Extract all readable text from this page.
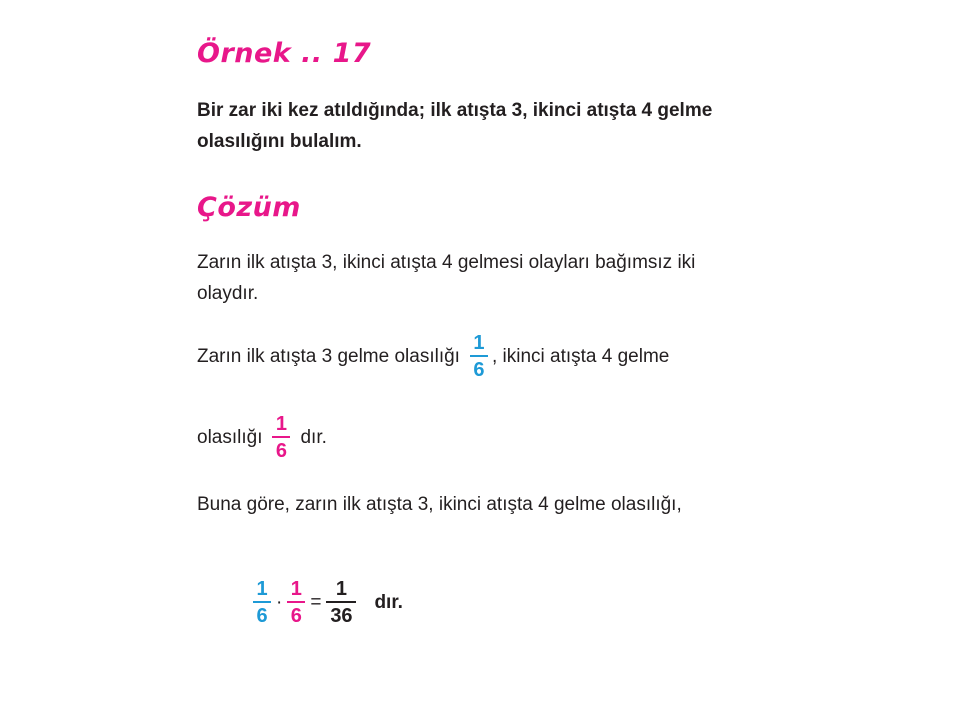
Örnek .. 17
Bir zar iki kez atıldığında; ilk atışta 3, ikinci atışta 4 gelme olasılığını bulalım.
Çözüm
Zarın ilk atışta 3, ikinci atışta 4 gelmesi olayları bağımsız iki olaydır.
Zarın ilk atışta 3 gelme olasılığı $\frac{1}{6}$ , ikinci atışta 4 gelme
olasılığı $\frac{1}{6}$ dır.
Buna göre, zarın ilk atışta 3, ikinci atışta 4 gelme olasılığı,
$\frac{1}{6} \cdot \frac{1}{6} = \frac{1}{36}$ dır.
